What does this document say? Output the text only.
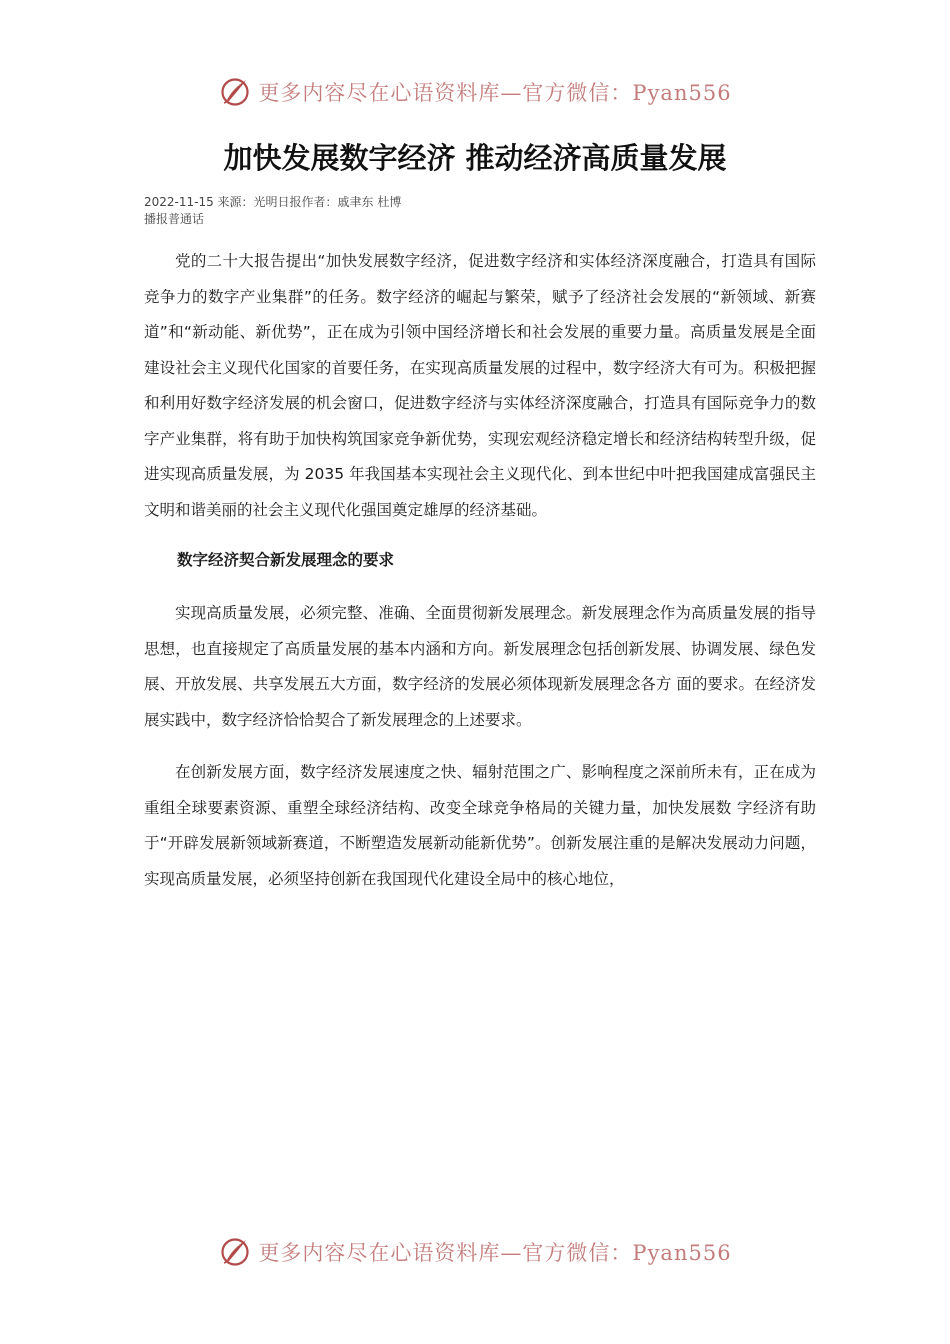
更多内容尽在心语资料库—官方微信：Pyan556
加快发展数字经济 推动经济高质量发展
2022-11-15 来源：光明日报作者：戚聿东 杜博
播报普通话

党的二十大报告提出“加快发展数字经济，促进数字经济和实体经济深度融合，打造具有国际竞争力的数字产业集群”的任务。数字经济的崛起与繁荣，赋予了经济社会发展的“新领域、新赛道”和“新动能、新优势”，正在成为引领中国经济增长和社会发展的重要力量。高质量发展是全面建设社会主义现代化国家的首要任务，在实现高质量发展的过程中，数字经济大有可为。积极把握和利用好数字经济发展的机会窗口，促进数字经济与实体经济深度融合，打造具有国际竞争力的数字产业集群，将有助于加快构筑国家竞争新优势，实现宏观经济稳定增长和经济结构转型升级，促进实现高质量发展，为 2035 年我国基本实现社会主义现代化、到本世纪中叶把我国建成富强民主文明和谐美丽的社会主义现代化强国奠定雄厚的经济基础。

数字经济契合新发展理念的要求

实现高质量发展，必须完整、准确、全面贯彻新发展理念。新发展理念作为高质量发展的指导思想，也直接规定了高质量发展的基本内涵和方向。新发展理念包括创新发展、协调发展、绿色发展、开放发展、共享发展五大方面，数字经济的发展必须体现新发展理念各方 面的要求。在经济发展实践中，数字经济恰恰契合了新发展理念的上述要求。

在创新发展方面，数字经济发展速度之快、辐射范围之广、影响程度之深前所未有，正在成为重组全球要素资源、重塑全球经济结构、改变全球竞争格局的关键力量，加快发展数 字经济有助于“开辟发展新领域新赛道，不断塑造发展新动能新优势”。创新发展注重的是解决发展动力问题，实现高质量发展，必须坚持创新在我国现代化建设全局中的核心地位，

更多内容尽在心语资料库—官方微信：Pyan556
